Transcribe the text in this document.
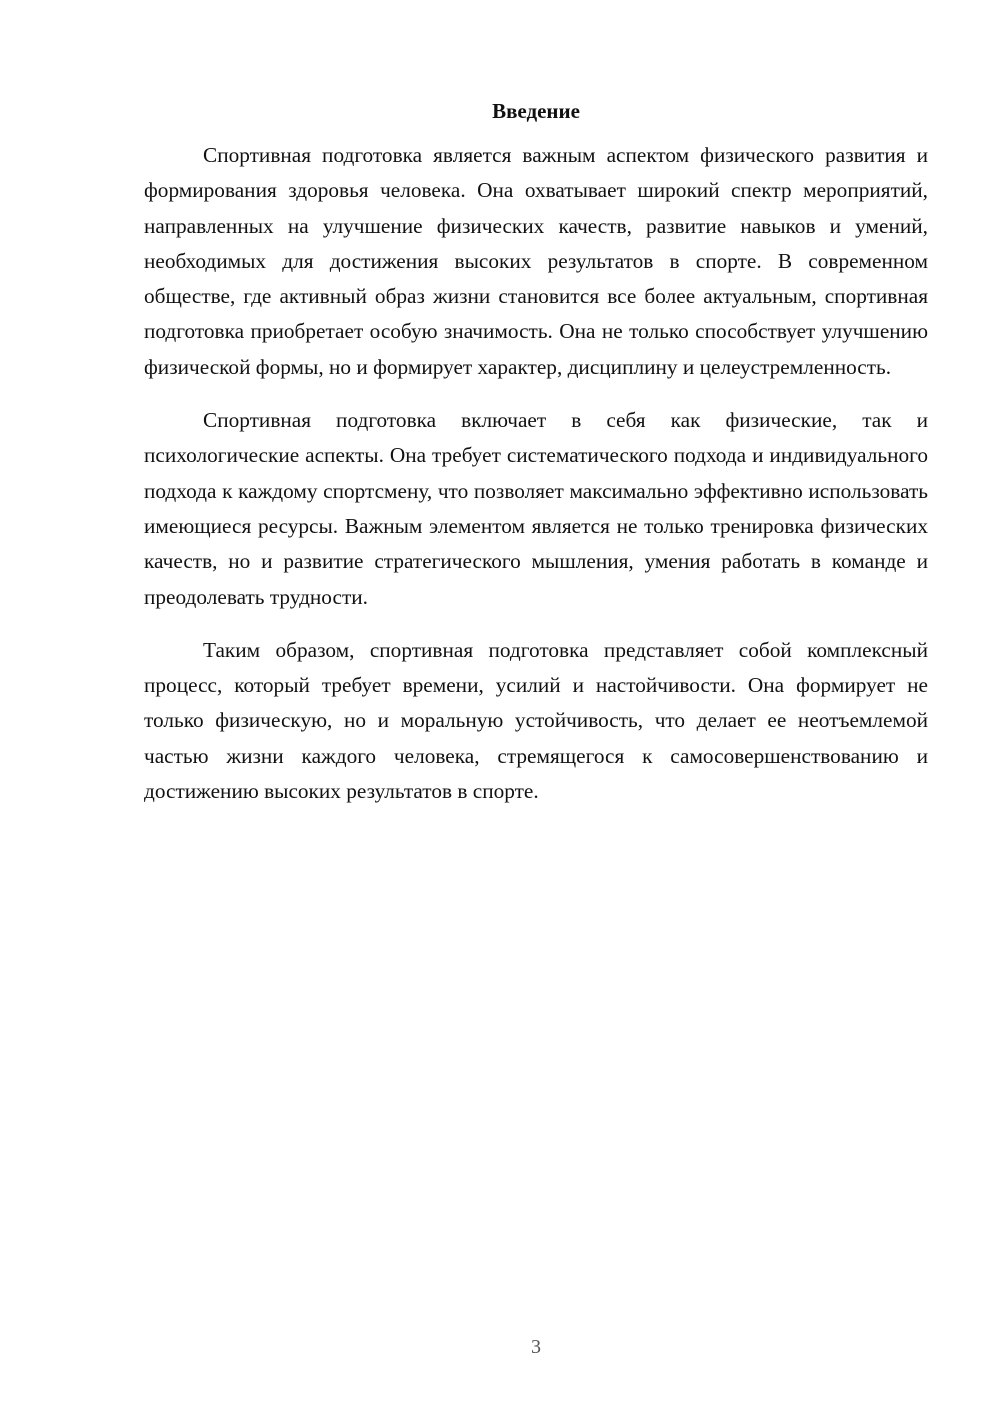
Введение

Спортивная подготовка является важным аспектом физического развития и формирования здоровья человека. Она охватывает широкий спектр мероприятий, направленных на улучшение физических качеств, развитие навыков и умений, необходимых для достижения высоких результатов в спорте. В современном обществе, где активный образ жизни становится все более актуальным, спортивная подготовка приобретает особую значимость. Она не только способствует улучшению физической формы, но и формирует характер, дисциплину и целеустремленность.

Спортивная подготовка включает в себя как физические, так и психологические аспекты. Она требует систематического подхода и индивидуального подхода к каждому спортсмену, что позволяет максимально эффективно использовать имеющиеся ресурсы. Важным элементом является не только тренировка физических качеств, но и развитие стратегического мышления, умения работать в команде и преодолевать трудности.

Таким образом, спортивная подготовка представляет собой комплексный процесс, который требует времени, усилий и настойчивости. Она формирует не только физическую, но и моральную устойчивость, что делает ее неотъемлемой частью жизни каждого человека, стремящегося к самосовершенствованию и достижению высоких результатов в спорте.

3
